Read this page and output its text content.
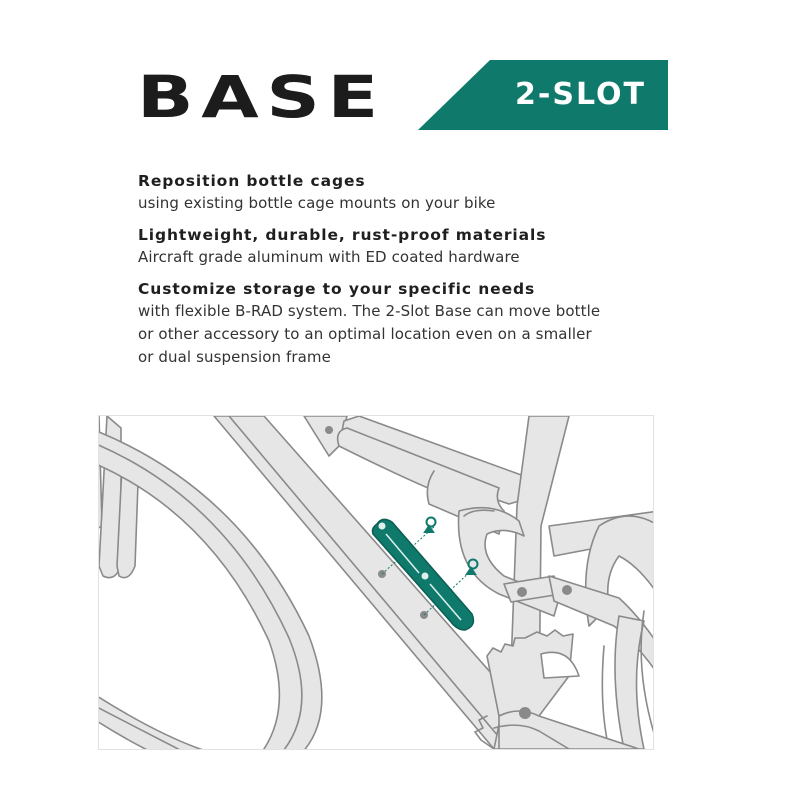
BASE	2-SLOT
Reposition bottle cages
using existing bottle cage mounts on your bike
Lightweight, durable, rust-proof materials
Aircraft grade aluminum with ED coated hardware
Customize storage to your specific needs
with flexible B-RAD system. The 2-Slot Base can move bottle
or other accessory to an optimal location even on a smaller
or dual suspension frame
